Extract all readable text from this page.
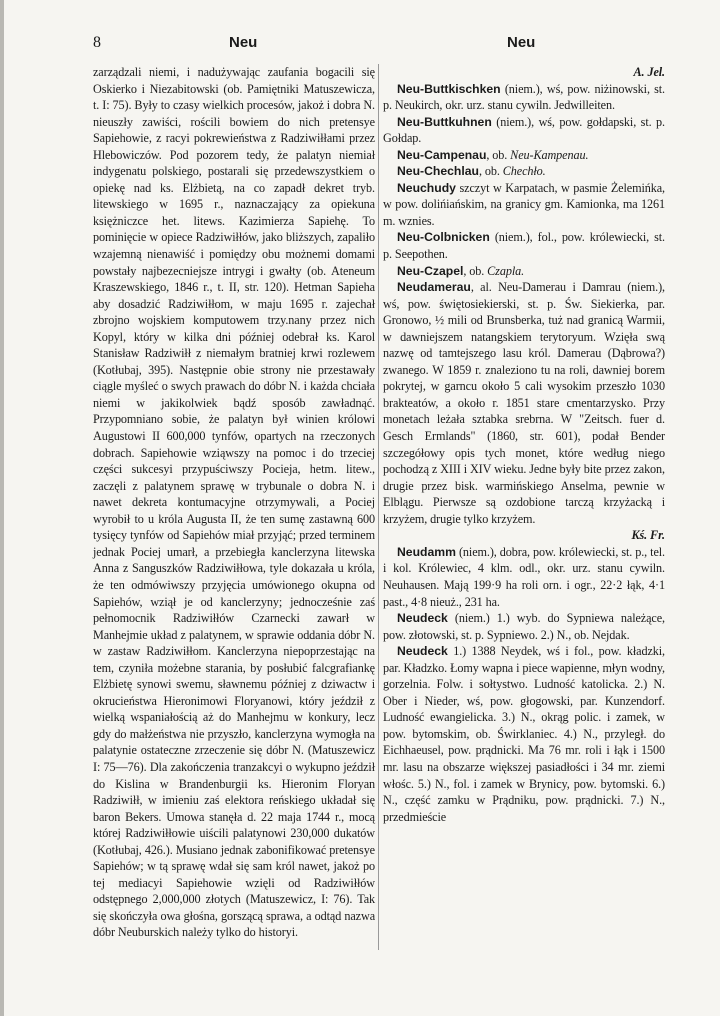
8	Neu	Neu

zarządzali niemi, i nadużywając zaufania bogacili się Oskierko i Niezabitowski (ob. Pamiętniki Matuszewicza, t. I: 75). Były to czasy wielkich procesów, jakoż i dobra N. nieuszły zawiści, rościli bowiem do nich pretensye Sapiehowie, z racyi pokrewieństwa z Radziwiłłami przez Hlebowiczów. Pod pozorem tedy, że palatyn niemiał indygenatu polskiego, postarali się przedewszystkiem o opiekę nad ks. Elżbietą, na co zapadł dekret tryb. litewskiego w 1695 r., naznaczający za opiekuna księżniczce het. litews. Kazimierza Sapiehę. To pominięcie w opiece Radziwiłłów, jako bliższych, zapaliło wzajemną nienawiść i pomiędzy obu możnemi domami powstały najbezecniejsze intrygi i gwałty (ob. Ateneum Kraszewskiego, 1846 r., t. II, str. 120). Hetman Sapieha aby dosadzić Radziwiłłom, w maju 1695 r. zajechał zbrojno wojskiem komputowem trzy.nany przez nich Kopyl, który w kilka dni później odebrał ks. Karol Stanisław Radziwiłł z niemałym bratniej krwi rozlewem (Kotłubaj, 395). Następnie obie strony nie przestawały ciągle myśleć o swych prawach do dóbr N. i każda chciała niemi w jakikolwiek bądź sposób zawładnąć. Przypomniano sobie, że palatyn był winien królowi Augustowi II 600,000 tynfów, opartych na rzeczonych dobrach. Sapiehowie wziąwszy na pomoc i do trzeciej części sukcesyi przypuściwszy Pocieja, hetm. litew., zaczęli z palatynem sprawę w trybunale o dobra N. i nawet dekreta kontumacyjne otrzymywali, a Pociej wyrobił to u króla Augusta II, że ten sumę zastawną 600 tysięcy tynfów od Sapiehów miał przyjąć; przed terminem jednak Pociej umarł, a przebiegła kanclerzyna litewska Anna z Sanguszków Radziwiłłowa, tyle dokazała u króla, że ten odmówiwszy przyjęcia umówionego okupna od Sapiehów, wziął je od kanclerzyny; jednocześnie zaś pełnomocnik Radziwiłłów Czarnecki zawarł w Manhejmie układ z palatynem, w sprawie oddania dóbr N. w zastaw Radziwiłłom. Kanclerzyna niepoprzestając na tem, czyniła możebne starania, by posłubić falcgrafiankę Elżbietę synowi swemu, sławnemu później z dziwactw i okrucieństwa Hieronimowi Floryanowi, który jeździł z wielką wspaniałością aż do Manhejmu w konkury, lecz gdy do małżeństwa nie przyszło, kanclerzyna wymogła na palatynie ostateczne zrzeczenie się dóbr N. (Matuszewicz I: 75—76). Dla zakończenia tranzakcyi o wykupno jeździł do Kislina w Brandenburgii ks. Hieronim Floryan Radziwiłł, w imieniu zaś elektora reńskiego układał się baron Bekers. Umowa stanęła d. 22 maja 1744 r., mocą której Radziwiłłowie uiścili palatynowi 230,000 dukatów (Kotłubaj, 426.). Musiano jednak zabonifikować pretensye Sapiehów; w tą sprawę wdał się sam król nawet, jakoż po tej mediacyi Sapiehowie wzięli od Radziwiłłów odstępnego 2,000,000 złotych (Matuszewicz, I: 76). Tak się skończyła owa głośna, gorszącą sprawa, a odtąd nazwa dóbr Neuburskich należy tylko do historyi.

A. Jel.

Neu-Buttkischken (niem.), wś, pow. niżinowski, st. p. Neukirch, okr. urz. stanu cywiln. Jedwilleiten.

Neu-Buttkuhnen (niem.), wś, pow. gołdapski, st. p. Gołdap.

Neu-Campenau, ob. Neu-Kampenau.

Neu-Chechlau, ob. Chechło.

Neuchudy szczyt w Karpatach, w pasmie Żelemińka, w pow. dolińiańskim, na granicy gm. Kamionka, ma 1261 m. wznies.

Neu-Colbnicken (niem.), fol., pow. królewiecki, st. p. Seepothen.

Neu-Czapel, ob. Czapla.

Neudamerau, al. Neu-Damerau i Damrau (niem.), wś, pow. świętosiekierski, st. p. Św. Siekierka, par. Gronowo, ½ mili od Brunsberka, tuż nad granicą Warmii, w dawniejszem natangskiem terytoryum. Wzięła swą nazwę od tamtejszego lasu król. Damerau (Dąbrowa?) zwanego. W 1859 r. znaleziono tu na roli, dawniej borem pokrytej, w garncu około 5 cali wysokim przeszło 1030 brakteatów, a około r. 1851 stare cmentarzysko. Przy monetach leżała sztabka srebrna. W "Zeitsch. fuer d. Gesch Ermlands" (1860, str. 601), podał Bender szczegółowy opis tych monet, które według niego pochodzą z XIII i XIV wieku. Jedne były bite przez zakon, drugie przez bisk. warmińskiego Anselma, pewnie w Elblągu. Pierwsze są ozdobione tarczą krzyżacką i krzyżem, drugie tylko krzyżem.

Kś. Fr.

Neudamm (niem.), dobra, pow. królewiecki, st. p., tel. i kol. Królewiec, 4 klm. odl., okr. urz. stanu cywiln. Neuhausen. Mają 199·9 ha roli orn. i ogr., 22·2 łąk, 4·1 past., 4·8 nieuż., 231 ha.

Neudeck (niem.) 1.) wyb. do Sypniewa należące, pow. złotowski, st. p. Sypniewo. 2.) N., ob. Nejdak.

Neudeck 1.) 1388 Neydek, wś i fol., pow. kładzki, par. Kładzko. Łomy wapna i piece wapienne, młyn wodny, gorzelnia. Folw. i sołtystwo. Ludność katolicka. 2.) N. Ober i Nieder, wś, pow. głogowski, par. Kunzendorf. Ludność ewangielicka. 3.) N., okrąg polic. i zamek, w pow. bytomskim, ob. Świrklaniec. 4.) N., przyległ. do Eichhaeusel, pow. prądnicki. Ma 76 mr. roli i łąk i 1500 mr. lasu na obszarze większej pasiadłości i 34 mr. ziemi włośc. 5.) N., fol. i zamek w Brynicy, pow. bytomski. 6.) N., część zamku w Prądniku, pow. prądnicki. 7.) N., przedmieście
